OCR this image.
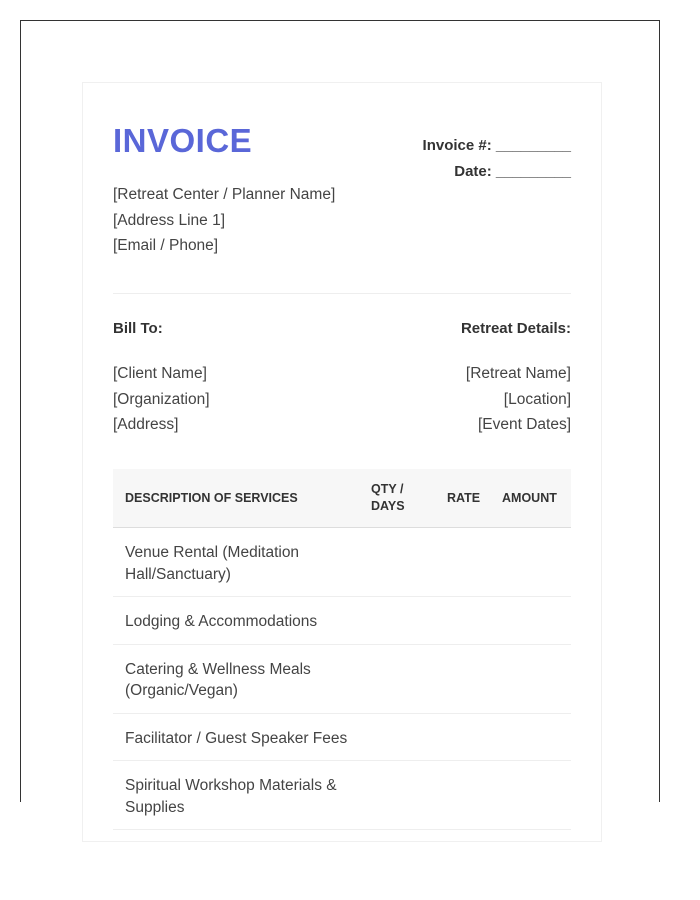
INVOICE	Invoice #: _________
Date: _________
[Retreat Center / Planner Name]
[Address Line 1]
[Email / Phone]
Bill To:
[Client Name]
[Organization]
[Address]
Retreat Details:
[Retreat Name]
[Location]
[Event Dates]
DESCRIPTION OF SERVICES
QTY /
DAYS
RATE AMOUNT
Venue Rental (Meditation Hall/Sanctuary)
Lodging & Accommodations
Catering & Wellness Meals (Organic/Vegan)
Facilitator / Guest Speaker Fees
Spiritual Workshop Materials & Supplies
